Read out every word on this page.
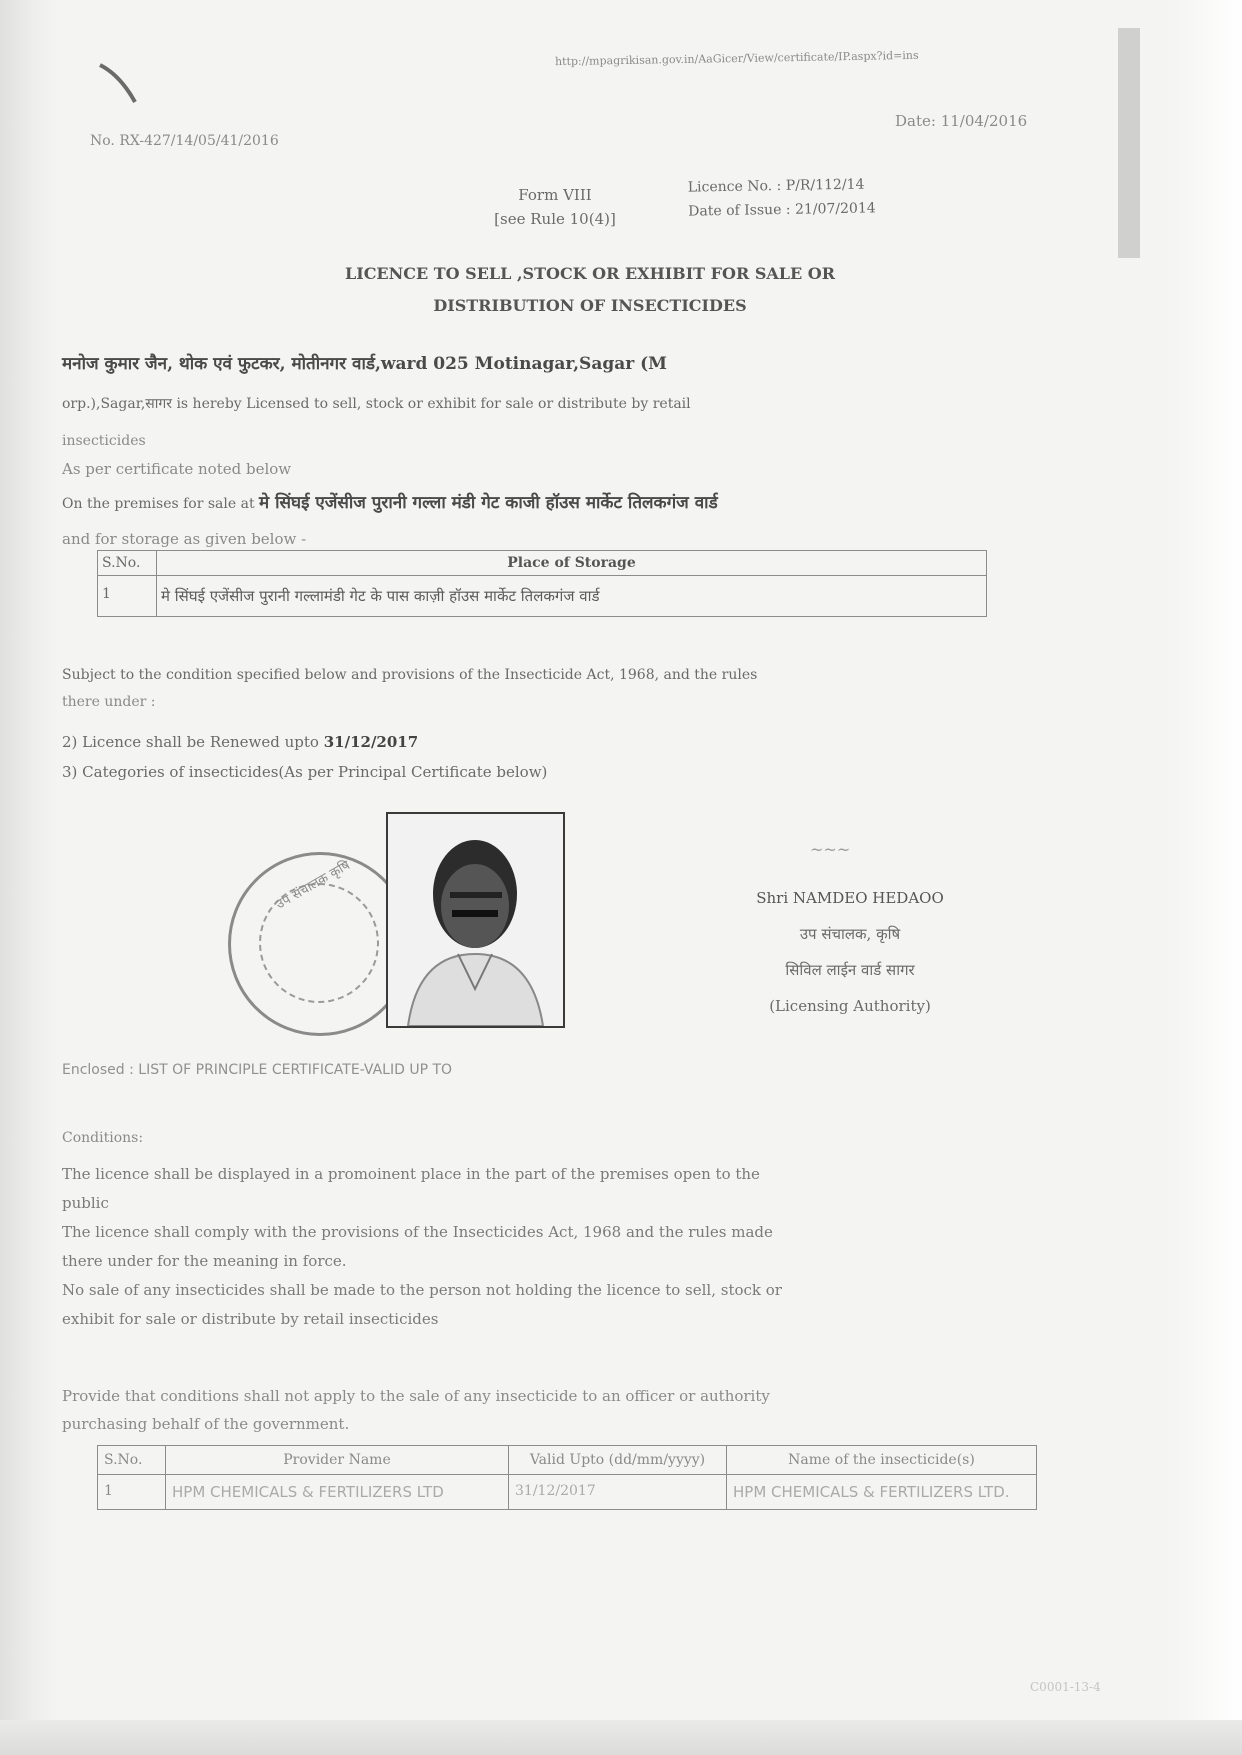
http://mpagrikisan.gov.in/AaGicer/View/certificate/IP.aspx?id=ins
No. RX-427/14/05/41/2016
Date: 11/04/2016
Form VIII
[see Rule 10(4)]
Licence No. : P/R/112/14
Date of Issue : 21/07/2014
LICENCE TO SELL ,STOCK OR EXHIBIT FOR SALE OR
DISTRIBUTION OF INSECTICIDES
मनोज कुमार जैन, थोक एवं फुटकर, मोतीनगर वार्ड,ward 025 Motinagar,Sagar (M
orp.),Sagar,सागर is hereby Licensed to sell, stock or exhibit for sale or distribute by retail
insecticides
As per certificate noted below
On the premises for sale at मे सिंघई एजेंसीज पुरानी गल्ला मंडी गेट काजी हॉउस मार्केट तिलकगंज वार्ड
and for storage as given below -
S.No.	Place of Storage
1	मे सिंघई एजेंसीज पुरानी गल्लामंडी गेट के पास काज़ी हॉउस मार्केट तिलकगंज वार्ड
Subject to the condition specified below and provisions of the Insecticide Act, 1968, and the rules
there under :
2) Licence shall be Renewed upto 31/12/2017
3) Categories of insecticides(As per Principal Certificate below)
उप संचालक कृषि
~~~
Shri NAMDEO HEDAOO
उप संचालक, कृषि
सिविल लाईन वार्ड सागर
(Licensing Authority)
Enclosed : LIST OF PRINCIPLE CERTIFICATE-VALID UP TO
Conditions:
The licence shall be displayed in a promoinent place in the part of the premises open to the
public
The licence shall comply with the provisions of the Insecticides Act, 1968 and the rules made
there under for the meaning in force.
No sale of any insecticides shall be made to the person not holding the licence to sell, stock or
exhibit for sale or distribute by retail insecticides
Provide that conditions shall not apply to the sale of any insecticide to an officer or authority
purchasing behalf of the government.
S.No.	Provider Name	Valid Upto (dd/mm/yyyy)	Name of the insecticide(s)
1	HPM CHEMICALS & FERTILIZERS LTD	31/12/2017	HPM CHEMICALS & FERTILIZERS LTD.
C0001-13-4
